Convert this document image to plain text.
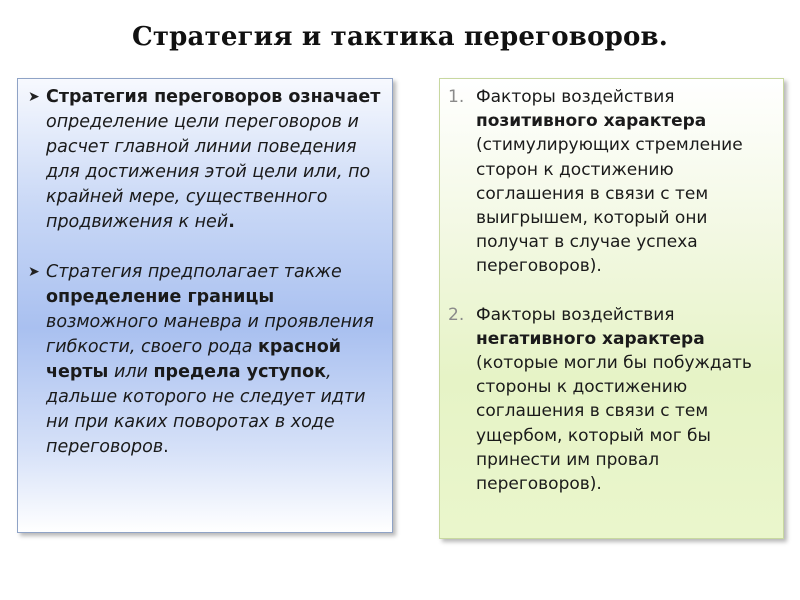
Стратегия и тактика переговоров.

➤ Стратегия переговоров означает определение цели переговоров и расчет главной линии поведения для достижения этой цели или, по крайней мере, существенного продвижения к ней.

➤ Стратегия предполагает также определение границы возможного маневра и проявления гибкости, своего рода красной черты или предела уступок, дальше которого не следует идти ни при каких поворотах в ходе переговоров.

1. Факторы воздействия позитивного характера (стимулирующих стремление сторон к достижению соглашения в связи с тем выигрышем, который они получат в случае успеха переговоров).

2. Факторы воздействия негативного характера (которые могли бы побуждать стороны к достижению соглашения в связи с тем ущербом, который мог бы принести им провал переговоров).
